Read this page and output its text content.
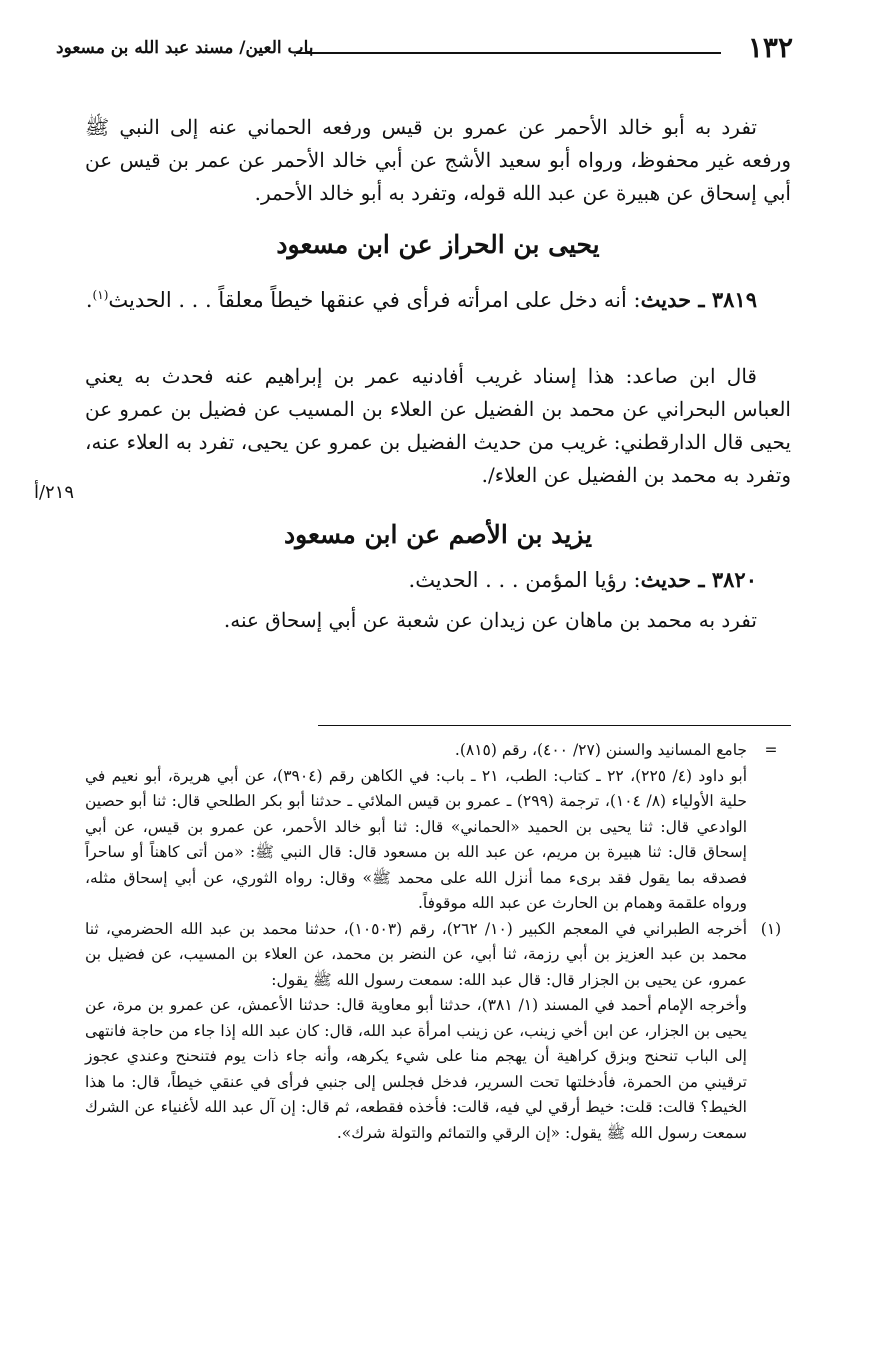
١٣٢
باب العين/ مسند عبد الله بن مسعود
تفرد به أبو خالد الأحمر عن عمرو بن قيس ورفعه الحماني عنه إلى النبي ﷺ ورفعه غير محفوظ، ورواه أبو سعيد الأشج عن أبي خالد الأحمر عن عمر بن قيس عن أبي إسحاق عن هبيرة عن عبد الله قوله، وتفرد به أبو خالد الأحمر.
يحيى بن الحراز عن ابن مسعود
٣٨١٩ ـ حديث: أنه دخل على امرأته فرأى في عنقها خيطاً معلقاً . . . الحديث$^{(١)}$.
قال ابن صاعد: هذا إسناد غريب أفادنيه عمر بن إبراهيم عنه فحدث به يعني العباس البحراني عن محمد بن الفضيل عن العلاء بن المسيب عن فضيل بن عمرو عن يحيى قال الدارقطني: غريب من حديث الفضيل بن عمرو عن يحيى، تفرد به العلاء عنه، وتفرد به محمد بن الفضيل عن العلاء/.
٢١٩/أ
يزيد بن الأصم عن ابن مسعود
٣٨٢٠ ـ حديث: رؤيا المؤمن . . . الحديث.
تفرد به محمد بن ماهان عن زيدان عن شعبة عن أبي إسحاق عنه.
=

جامع المسانيد والسنن (٢٧/ ٤٠٠)، رقم (٨١٥).

أبو داود (٤/ ٢٢٥)، ٢٢ ـ كتاب: الطب، ٢١ ـ باب: في الكاهن رقم (٣٩٠٤)، عن أبي هريرة، أبو نعيم في حلية الأولياء (٨/ ١٠٤)، ترجمة (٢٩٩) ـ عمرو بن قيس الملائي ـ حدثنا أبو بكر الطلحي قال: ثنا أبو حصين الوادعي قال: ثنا يحيى بن الحميد «الحماني» قال: ثنا أبو خالد الأحمر، عن عمرو بن قيس، عن أبي إسحاق قال: ثنا هبيرة بن مريم، عن عبد الله بن مسعود قال: قال النبي ﷺ: «من أتى كاهناً أو ساحراً فصدقه بما يقول فقد برىء مما أنزل الله على محمد ﷺ» وقال: رواه الثوري، عن أبي إسحاق مثله، ورواه علقمة وهمام بن الحارث عن عبد الله موقوفاً.

(١)

أخرجه الطبراني في المعجم الكبير (١٠/ ٢٦٢)، رقم (١٠٥٠٣)، حدثنا محمد بن عبد الله الحضرمي، ثنا محمد بن عبد العزيز بن أبي رزمة، ثنا أبي، عن النضر بن محمد، عن العلاء بن المسيب، عن فضيل بن عمرو، عن يحيى بن الجزار قال: قال عبد الله: سمعت رسول الله ﷺ يقول:

وأخرجه الإمام أحمد في المسند (١/ ٣٨١)، حدثنا أبو معاوية قال: حدثنا الأعمش، عن عمرو بن مرة، عن يحيى بن الجزار، عن ابن أخي زينب، عن زينب امرأة عبد الله، قال: كان عبد الله إذا جاء من حاجة فانتهى إلى الباب تنحنح وبزق كراهية أن يهجم منا على شيء يكرهه، وأنه جاء ذات يوم فتنحنح وعندي عجوز ترقيني من الحمرة، فأدخلتها تحت السرير، فدخل فجلس إلى جنبي فرأى في عنقي خيطاً، قال: ما هذا الخيط؟ قالت: قلت: خيط أرقي لي فيه، قالت: فأخذه فقطعه، ثم قال: إن آل عبد الله لأغنياء عن الشرك سمعت رسول الله ﷺ يقول: «إن الرقي والتمائم والتولة شرك».
